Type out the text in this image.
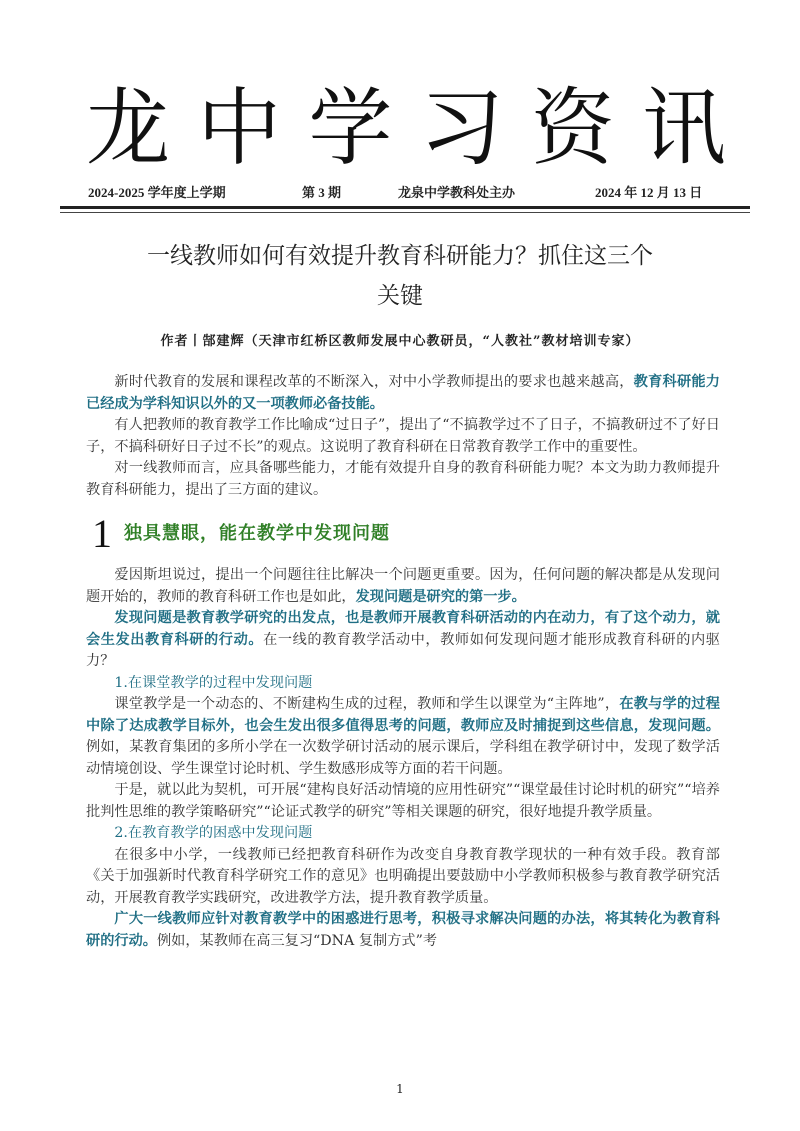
龙 中 学 习 资 讯
2024-2025 学年度上学期	第 3 期	龙泉中学教科处主办	2024 年 12 月 13 日
一线教师如何有效提升教育科研能力？抓住这三个
关键
作者丨郜建辉（天津市红桥区教师发展中心教研员，“人教社”教材培训专家）

新时代教育的发展和课程改革的不断深入，对中小学教师提出的要求也越来越高，教育科研能力已经成为学科知识以外的又一项教师必备技能。

有人把教师的教育教学工作比喻成“过日子”，提出了“不搞教学过不了日子，不搞教研过不了好日子，不搞科研好日子过不长”的观点。这说明了教育科研在日常教育教学工作中的重要性。

对一线教师而言，应具备哪些能力，才能有效提升自身的教育科研能力呢？本文为助力教师提升教育科研能力，提出了三方面的建议。

1 独具慧眼，能在教学中发现问题

爱因斯坦说过，提出一个问题往往比解决一个问题更重要。因为，任何问题的解决都是从发现问题开始的，教师的教育科研工作也是如此，发现问题是研究的第一步。

发现问题是教育教学研究的出发点，也是教师开展教育科研活动的内在动力，有了这个动力，就会生发出教育科研的行动。在一线的教育教学活动中，教师如何发现问题才能形成教育科研的内驱力？

1.在课堂教学的过程中发现问题

课堂教学是一个动态的、不断建构生成的过程，教师和学生以课堂为“主阵地”，在教与学的过程中除了达成教学目标外，也会生发出很多值得思考的问题，教师应及时捕捉到这些信息，发现问题。例如，某教育集团的多所小学在一次数学研讨活动的展示课后，学科组在教学研讨中，发现了数学活动情境创设、学生课堂讨论时机、学生数感形成等方面的若干问题。

于是，就以此为契机，可开展“建构良好活动情境的应用性研究”“课堂最佳讨论时机的研究”“培养批判性思维的教学策略研究”“论证式教学的研究”等相关课题的研究，很好地提升教学质量。

2.在教育教学的困惑中发现问题

在很多中小学，一线教师已经把教育科研作为改变自身教育教学现状的一种有效手段。教育部《关于加强新时代教育科学研究工作的意见》也明确提出要鼓励中小学教师积极参与教育教学研究活动，开展教育教学实践研究，改进教学方法，提升教育教学质量。

广大一线教师应针对教育教学中的困惑进行思考，积极寻求解决问题的办法，将其转化为教育科研的行动。例如，某教师在高三复习“DNA 复制方式”考

1
